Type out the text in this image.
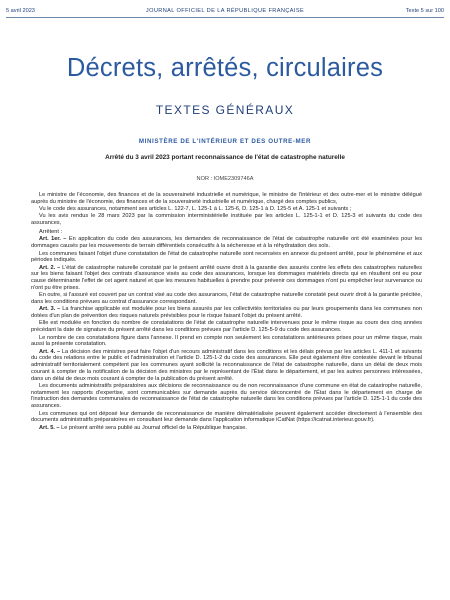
5 avril 2023	JOURNAL OFFICIEL DE LA RÉPUBLIQUE FRANÇAISE	Texte 5 sur 100
Décrets, arrêtés, circulaires
TEXTES GÉNÉRAUX
MINISTÈRE DE L'INTÉRIEUR ET DES OUTRE-MER
Arrêté du 3 avril 2023 portant reconnaissance de l'état de catastrophe naturelle
NOR : IOME2309746A

Le ministre de l'économie, des finances et de la souveraineté industrielle et numérique, le ministre de l'intérieur et des outre-mer et le ministre délégué auprès du ministre de l'économie, des finances et de la souveraineté industrielle et numérique, chargé des comptes publics,

Vu le code des assurances, notamment ses articles L. 122-7, L. 125-1 à L. 125-6, D. 125-1 à D. 125-5 et A. 125-1 et suivants ;

Vu les avis rendus le 28 mars 2023 par la commission interministérielle instituée par les articles L. 125-1-1 et D. 125-3 et suivants du code des assurances,

Arrêtent :

Art. 1er. – En application du code des assurances, les demandes de reconnaissance de l'état de catastrophe naturelle ont été examinées pour les dommages causés par les mouvements de terrain différentiels consécutifs à la sécheresse et à la réhydratation des sols.

Les communes faisant l'objet d'une constatation de l'état de catastrophe naturelle sont recensées en annexe du présent arrêté, pour le phénomène et aux périodes indiqués.

Art. 2. – L'état de catastrophe naturelle constaté par le présent arrêté ouvre droit à la garantie des assurés contre les effets des catastrophes naturelles sur les biens faisant l'objet des contrats d'assurance visés au code des assurances, lorsque les dommages matériels directs qui en résultent ont eu pour cause déterminante l'effet de cet agent naturel et que les mesures habituelles à prendre pour prévenir ces dommages n'ont pu empêcher leur survenance ou n'ont pu être prises.

En outre, si l'assuré est couvert par un contrat visé au code des assurances, l'état de catastrophe naturelle constaté peut ouvrir droit à la garantie précitée, dans les conditions prévues au contrat d'assurance correspondant.

Art. 3. – La franchise applicable est modulée pour les biens assurés par les collectivités territoriales ou par leurs groupements dans les communes non dotées d'un plan de prévention des risques naturels prévisibles pour le risque faisant l'objet du présent arrêté.

Elle est modulée en fonction du nombre de constatations de l'état de catastrophe naturelle intervenues pour le même risque au cours des cinq années précédant la date de signature du présent arrêté dans les conditions prévues par l'article D. 125-5-9 du code des assurances.

Le nombre de ces constatations figure dans l'annexe. Il prend en compte non seulement les constatations antérieures prises pour un même risque, mais aussi la présente constatation.

Art. 4. – La décision des ministres peut faire l'objet d'un recours administratif dans les conditions et les délais prévus par les articles L. 411-1 et suivants du code des relations entre le public et l'administration et l'article D. 125-1-2 du code des assurances. Elle peut également être contestée devant le tribunal administratif territorialement compétent par les communes ayant sollicité la reconnaissance de l'état de catastrophe naturelle, dans un délai de deux mois courant à compter de la notification de la décision des ministres par le représentant de l'État dans le département, et par les autres personnes intéressées, dans un délai de deux mois courant à compter de la publication du présent arrêté.

Les documents administratifs préparatoires aux décisions de reconnaissance ou de non reconnaissance d'une commune en état de catastrophe naturelle, notamment les rapports d'expertise, sont communicables sur demande auprès du service déconcentré de l'État dans le département en charge de l'instruction des demandes communales de reconnaissance de l'état de catastrophe naturelle dans les conditions prévues par l'article D. 125-1-1 du code des assurances.

Les communes qui ont déposé leur demande de reconnaissance de manière dématérialisée peuvent également accéder directement à l'ensemble des documents administratifs préparatoires en consultant leur demande dans l'application informatique iCatNat (https://icatnat.interieur.gouv.fr).

Art. 5. – Le présent arrêté sera publié au Journal officiel de la République française.
